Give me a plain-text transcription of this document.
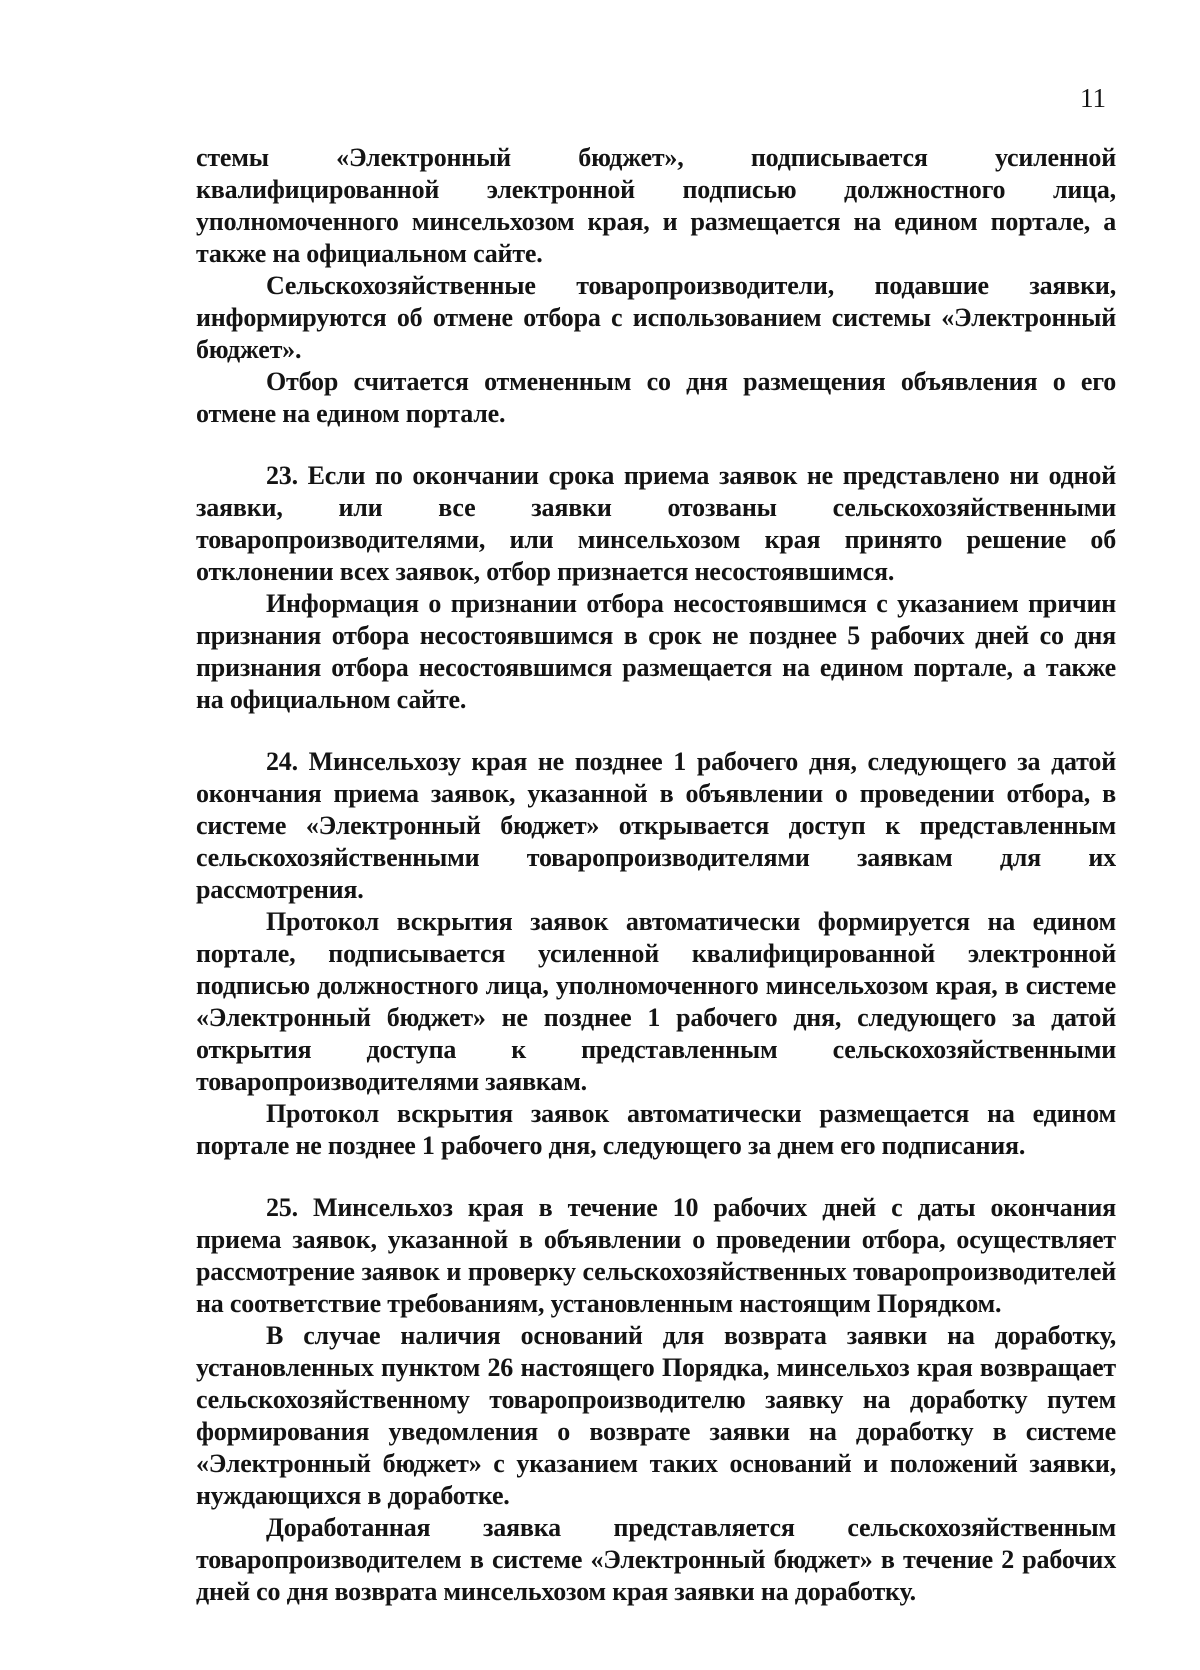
11

стемы «Электронный бюджет», подписывается усиленной квалифицированной электронной подписью должностного лица, уполномоченного минсельхозом края, и размещается на едином портале, а также на официальном сайте.

Сельскохозяйственные товаропроизводители, подавшие заявки, информируются об отмене отбора с использованием системы «Электронный бюджет».

Отбор считается отмененным со дня размещения объявления о его отмене на едином портале.

23. Если по окончании срока приема заявок не представлено ни одной заявки, или все заявки отозваны сельскохозяйственными товаропроизводителями, или минсельхозом края принято решение об отклонении всех заявок, отбор признается несостоявшимся.

Информация о признании отбора несостоявшимся с указанием причин признания отбора несостоявшимся в срок не позднее 5 рабочих дней со дня признания отбора несостоявшимся размещается на едином портале, а также на официальном сайте.

24. Минсельхозу края не позднее 1 рабочего дня, следующего за датой окончания приема заявок, указанной в объявлении о проведении отбора, в системе «Электронный бюджет» открывается доступ к представленным сельскохозяйственными товаропроизводителями заявкам для их рассмотрения.

Протокол вскрытия заявок автоматически формируется на едином портале, подписывается усиленной квалифицированной электронной подписью должностного лица, уполномоченного минсельхозом края, в системе «Электронный бюджет» не позднее 1 рабочего дня, следующего за датой открытия доступа к представленным сельскохозяйственными товаропроизводителями заявкам.

Протокол вскрытия заявок автоматически размещается на едином портале не позднее 1 рабочего дня, следующего за днем его подписания.

25. Минсельхоз края в течение 10 рабочих дней с даты окончания приема заявок, указанной в объявлении о проведении отбора, осуществляет рассмотрение заявок и проверку сельскохозяйственных товаропроизводителей на соответствие требованиям, установленным настоящим Порядком.

В случае наличия оснований для возврата заявки на доработку, установленных пунктом 26 настоящего Порядка, минсельхоз края возвращает сельскохозяйственному товаропроизводителю заявку на доработку путем формирования уведомления о возврате заявки на доработку в системе «Электронный бюджет» с указанием таких оснований и положений заявки, нуждающихся в доработке.

Доработанная заявка представляется сельскохозяйственным товаропроизводителем в системе «Электронный бюджет» в течение 2 рабочих дней со дня возврата минсельхозом края заявки на доработку.
